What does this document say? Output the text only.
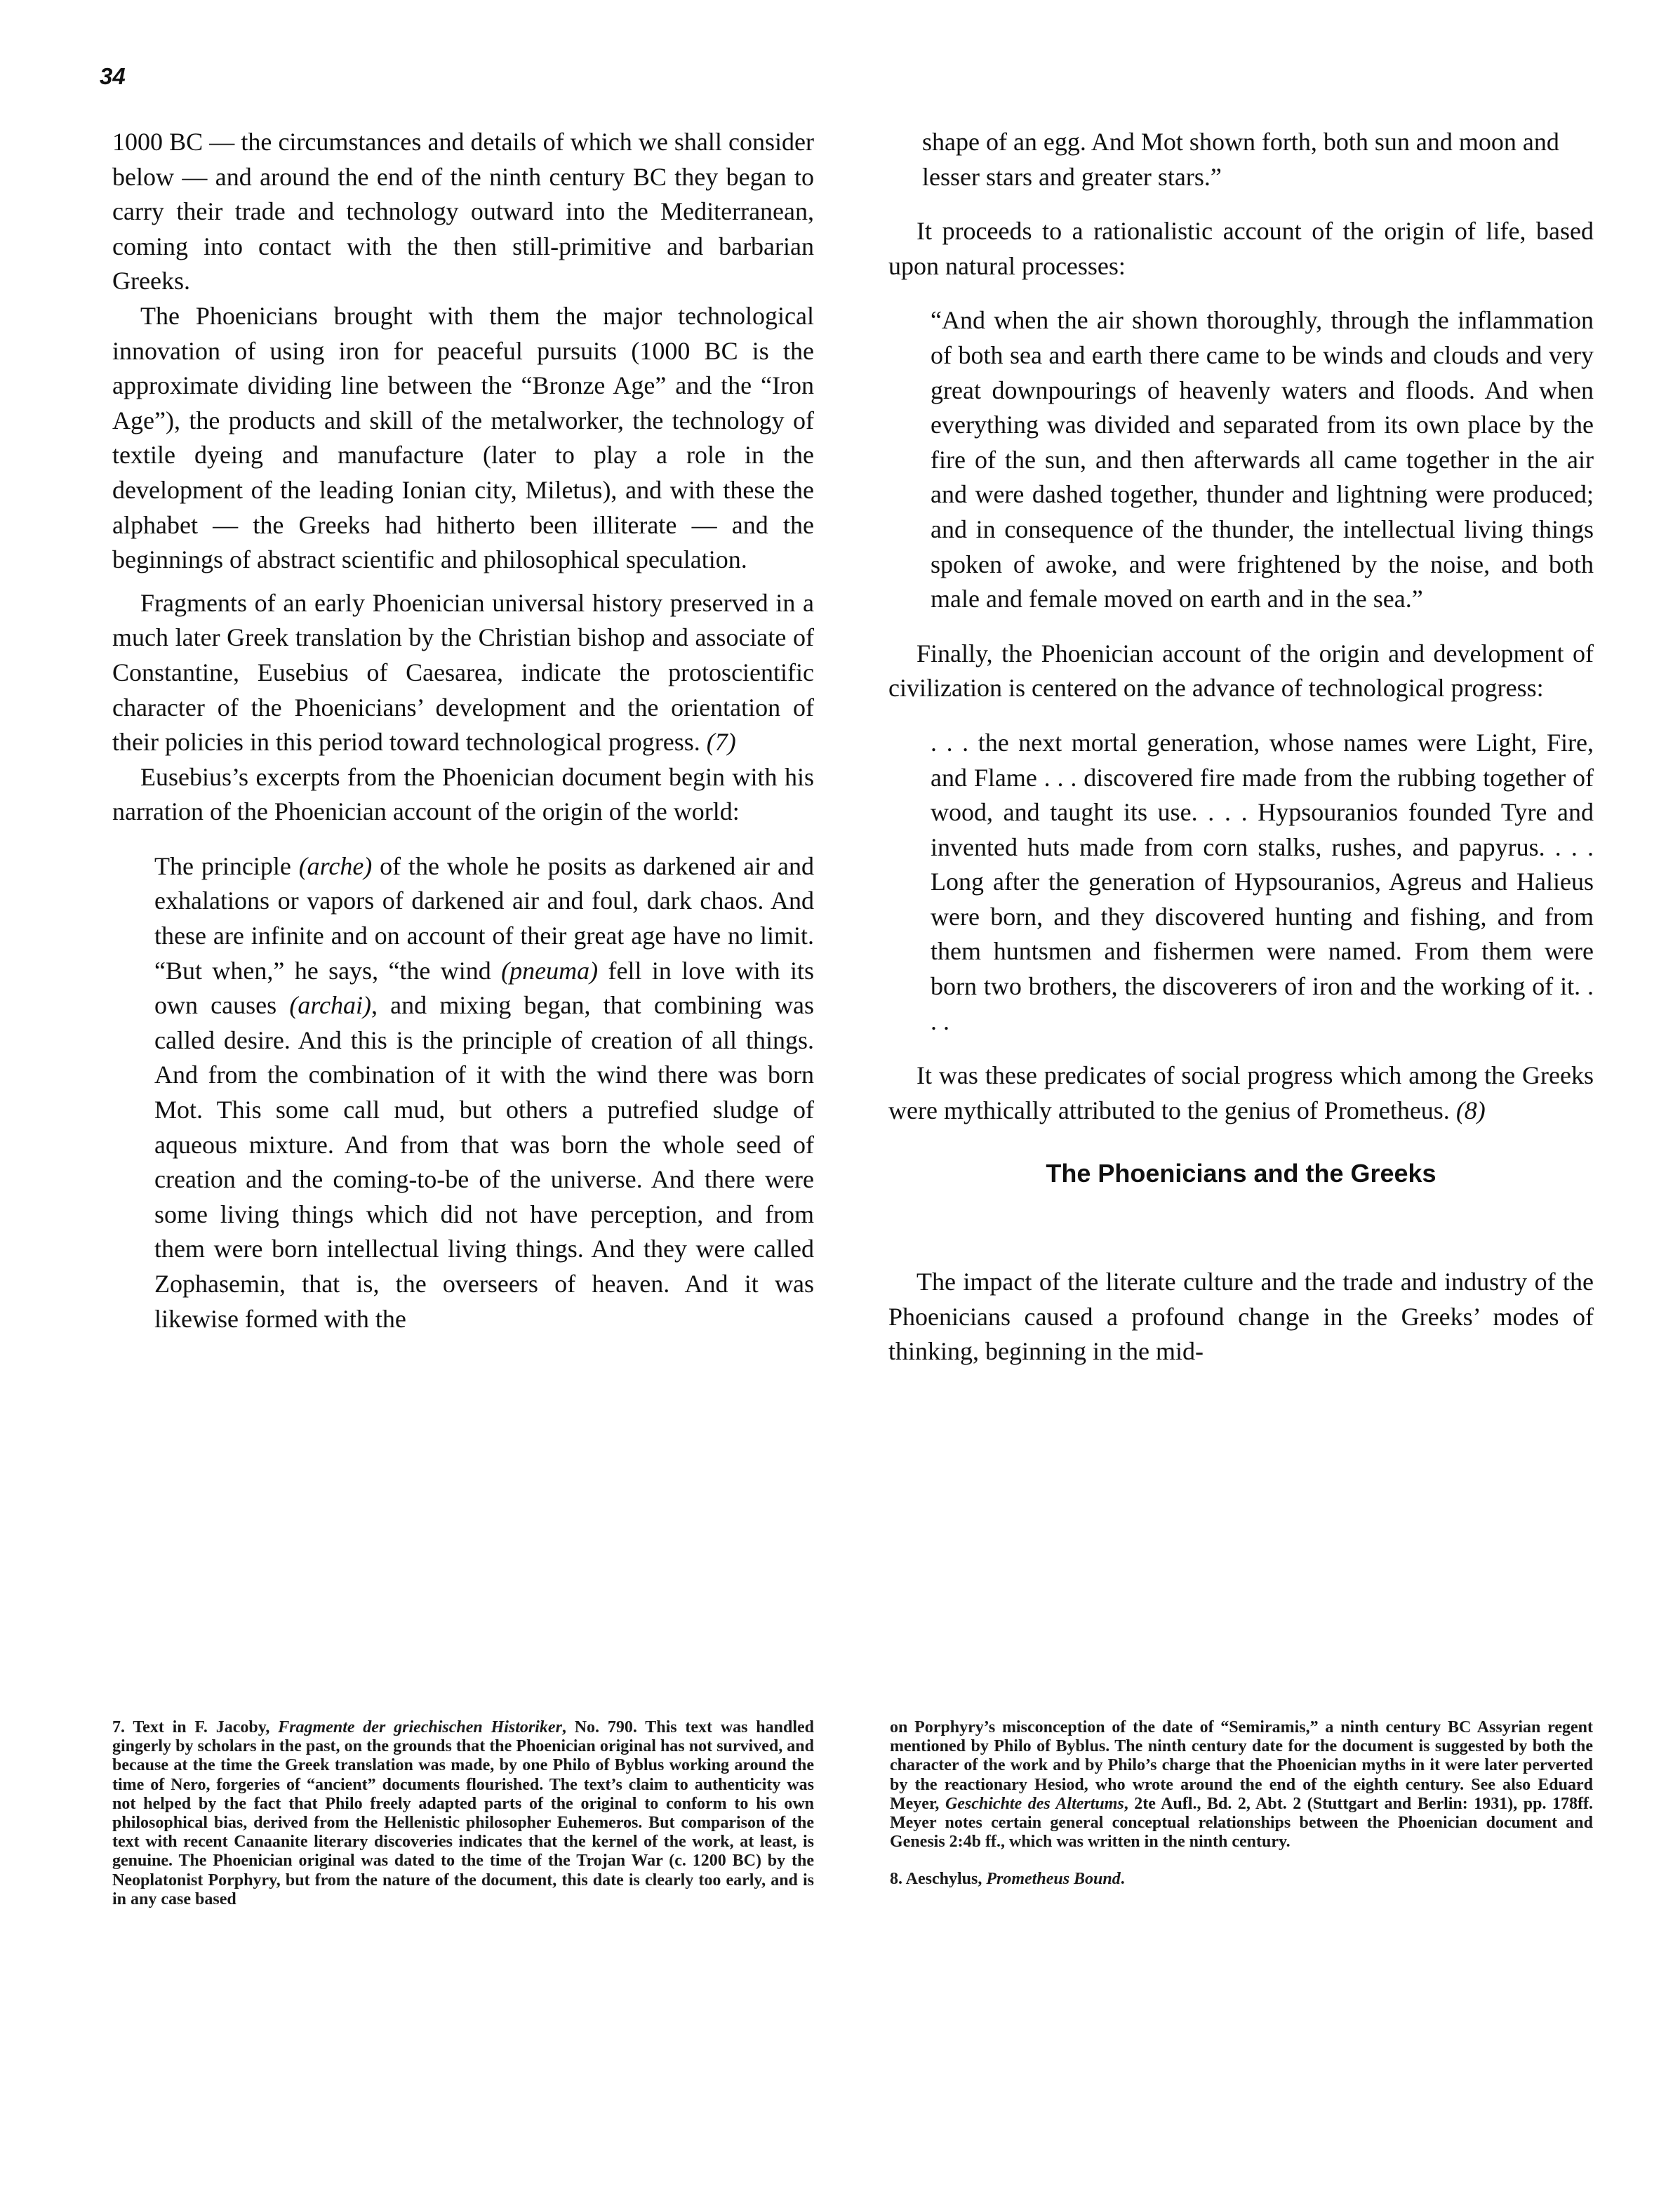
34

1000 BC — the circumstances and details of which we shall consider below — and around the end of the ninth century BC they began to carry their trade and technology outward into the Mediterranean, coming into contact with the then still-primitive and barbarian Greeks.

The Phoenicians brought with them the major technological innovation of using iron for peaceful pursuits (1000 BC is the approximate dividing line between the “Bronze Age” and the “Iron Age”), the products and skill of the metalworker, the technology of textile dyeing and manufacture (later to play a role in the development of the leading Ionian city, Miletus), and with these the alphabet — the Greeks had hitherto been illiterate — and the beginnings of abstract scientific and philosophical speculation.

Fragments of an early Phoenician universal history preserved in a much later Greek translation by the Christian bishop and associate of Constantine, Eusebius of Caesarea, indicate the protoscientific character of the Phoenicians’ development and the orientation of their policies in this period toward technological progress. (7)

Eusebius’s excerpts from the Phoenician document begin with his narration of the Phoenician account of the origin of the world:

The principle (arche) of the whole he posits as darkened air and exhalations or vapors of darkened air and foul, dark chaos. And these are infinite and on account of their great age have no limit. “But when,” he says, “the wind (pneuma) fell in love with its own causes (archai), and mixing began, that combining was called desire. And this is the principle of creation of all things. And from the combination of it with the wind there was born Mot. This some call mud, but others a putrefied sludge of aqueous mixture. And from that was born the whole seed of creation and the coming-to-be of the universe. And there were some living things which did not have perception, and from them were born intellectual living things. And they were called Zophasemin, that is, the overseers of heaven. And it was likewise formed with the

shape of an egg. And Mot shown forth, both sun and moon and lesser stars and greater stars.”

It proceeds to a rationalistic account of the origin of life, based upon natural processes:

“And when the air shown thoroughly, through the inflammation of both sea and earth there came to be winds and clouds and very great downpourings of heavenly waters and floods. And when everything was divided and separated from its own place by the fire of the sun, and then afterwards all came together in the air and were dashed together, thunder and lightning were produced; and in consequence of the thunder, the intellectual living things spoken of awoke, and were frightened by the noise, and both male and female moved on earth and in the sea.”

Finally, the Phoenician account of the origin and development of civilization is centered on the advance of technological progress:

. . . the next mortal generation, whose names were Light, Fire, and Flame . . . discovered fire made from the rubbing together of wood, and taught its use. . . . Hypsouranios founded Tyre and invented huts made from corn stalks, rushes, and papyrus. . . . Long after the generation of Hypsouranios, Agreus and Halieus were born, and they discovered hunting and fishing, and from them huntsmen and fishermen were named. From them were born two brothers, the discoverers of iron and the working of it. . . .

It was these predicates of social progress which among the Greeks were mythically attributed to the genius of Prometheus. (8)

The Phoenicians and the Greeks

The impact of the literate culture and the trade and industry of the Phoenicians caused a profound change in the Greeks’ modes of thinking, beginning in the mid-

7. Text in F. Jacoby, Fragmente der griechischen Historiker, No. 790. This text was handled gingerly by scholars in the past, on the grounds that the Phoenician original has not survived, and because at the time the Greek translation was made, by one Philo of Byblus working around the time of Nero, forgeries of “ancient” documents flourished. The text’s claim to authenticity was not helped by the fact that Philo freely adapted parts of the original to conform to his own philosophical bias, derived from the Hellenistic philosopher Euhemeros. But comparison of the text with recent Canaanite literary discoveries indicates that the kernel of the work, at least, is genuine. The Phoenician original was dated to the time of the Trojan War (c. 1200 BC) by the Neoplatonist Porphyry, but from the nature of the document, this date is clearly too early, and is in any case based

on Porphyry’s misconception of the date of “Semiramis,” a ninth century BC Assyrian regent mentioned by Philo of Byblus. The ninth century date for the document is suggested by both the character of the work and by Philo’s charge that the Phoenician myths in it were later perverted by the reactionary Hesiod, who wrote around the end of the eighth century. See also Eduard Meyer, Geschichte des Altertums, 2te Aufl., Bd. 2, Abt. 2 (Stuttgart and Berlin: 1931), pp. 178ff. Meyer notes certain general conceptual relationships between the Phoenician document and Genesis 2:4b ff., which was written in the ninth century.

8. Aeschylus, Prometheus Bound.
